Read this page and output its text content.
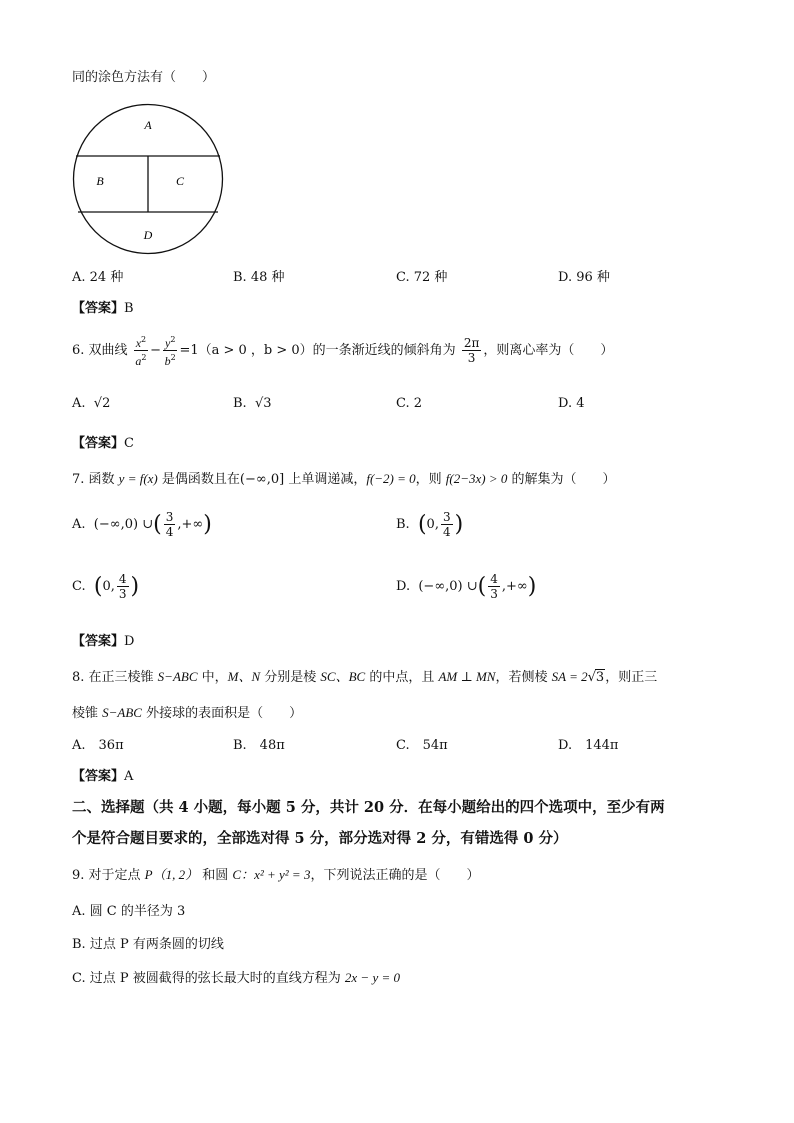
同的涂色方法有（　　）
A
B	C
D
A. 24 种	B. 48 种	C. 72 种	D. 96 种
【答案】B
6. 双曲线 $\frac{x^2}{a^2} - \frac{y^2}{b^2} =1(a > 0$ ，b > 0）的一条渐近线的倾斜角为 $\frac{2\pi}{3}$ ，则离心率为（　　）
A. √2	B. √3	C. 2	D. 4
【答案】C
7. 函数 y = f(x) 是偶函数且在(−∞,0] 上单调递减，f(−2) = 0，则 f(2−3x) > 0 的解集为（　　）
A. (−∞,0) ∪( $\frac{3}{4}$ ,+∞)	B. (0, $\frac{3}{4}$ )
C. (0, $\frac{4}{3}$ )	D. (−∞,0) ∪( $\frac{4}{3}$ ,+∞)
【答案】D
8. 在正三棱锥 S−ABC 中，M、N 分别是棱 SC、BC 的中点，且 AM ⊥ MN，若侧棱 SA = 2√3，则正三
棱锥 S−ABC 外接球的表面积是（　　）
A.　36π	B.　48π	C.　54π	D.　144π
【答案】A
二、选择题（共 4 小题，每小题 5 分，共计 20 分．在每小题给出的四个选项中，至少有两
个是符合题目要求的，全部选对得 5 分，部分选对得 2 分，有错选得 0 分）
9. 对于定点 P（1, 2） 和圆 C：x² + y² = 3，下列说法正确的是（　　）
A. 圆 C 的半径为 3
B. 过点 P 有两条圆的切线
C. 过点 P 被圆截得的弦长最大时的直线方程为 2x − y = 0
